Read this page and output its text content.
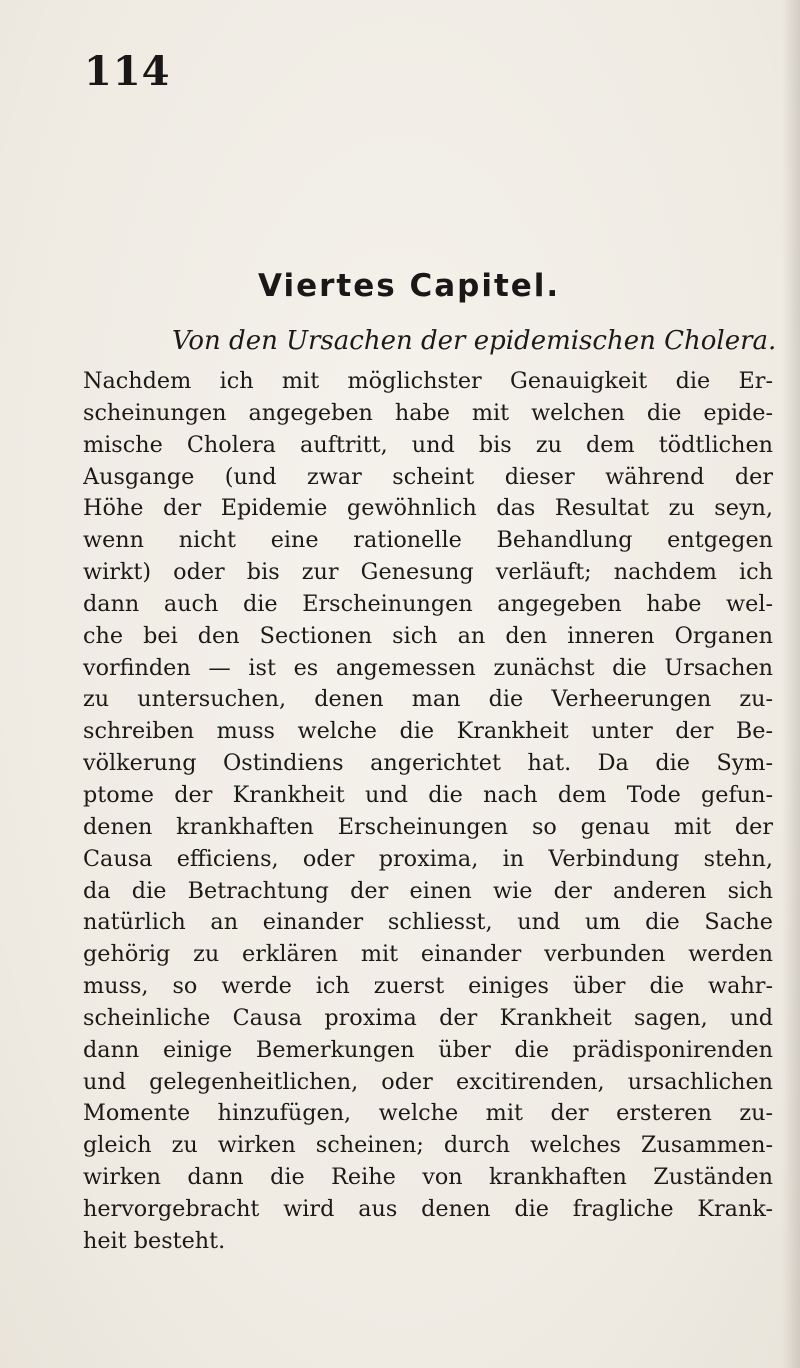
114
Viertes Capitel.
Von den Ursachen der epidemischen Cholera.
Nachdem ich mit möglichster Genauigkeit die Er-
scheinungen angegeben habe mit welchen die epide-
mische Cholera auftritt, und bis zu dem tödtlichen
Ausgange (und zwar scheint dieser während der
Höhe der Epidemie gewöhnlich das Resultat zu seyn,
wenn nicht eine rationelle Behandlung entgegen
wirkt) oder bis zur Genesung verläuft; nachdem ich
dann auch die Erscheinungen angegeben habe wel-
che bei den Sectionen sich an den inneren Organen
vorfinden — ist es angemessen zunächst die Ursachen
zu untersuchen, denen man die Verheerungen zu-
schreiben muss welche die Krankheit unter der Be-
völkerung Ostindiens angerichtet hat. Da die Sym-
ptome der Krankheit und die nach dem Tode gefun-
denen krankhaften Erscheinungen so genau mit der
Causa efficiens, oder proxima, in Verbindung stehn,
da die Betrachtung der einen wie der anderen sich
natürlich an einander schliesst, und um die Sache
gehörig zu erklären mit einander verbunden werden
muss, so werde ich zuerst einiges über die wahr-
scheinliche Causa proxima der Krankheit sagen, und
dann einige Bemerkungen über die prädisponirenden
und gelegenheitlichen, oder excitirenden, ursachlichen
Momente hinzufügen, welche mit der ersteren zu-
gleich zu wirken scheinen; durch welches Zusammen-
wirken dann die Reihe von krankhaften Zuständen
hervorgebracht wird aus denen die fragliche Krank-
heit besteht.
